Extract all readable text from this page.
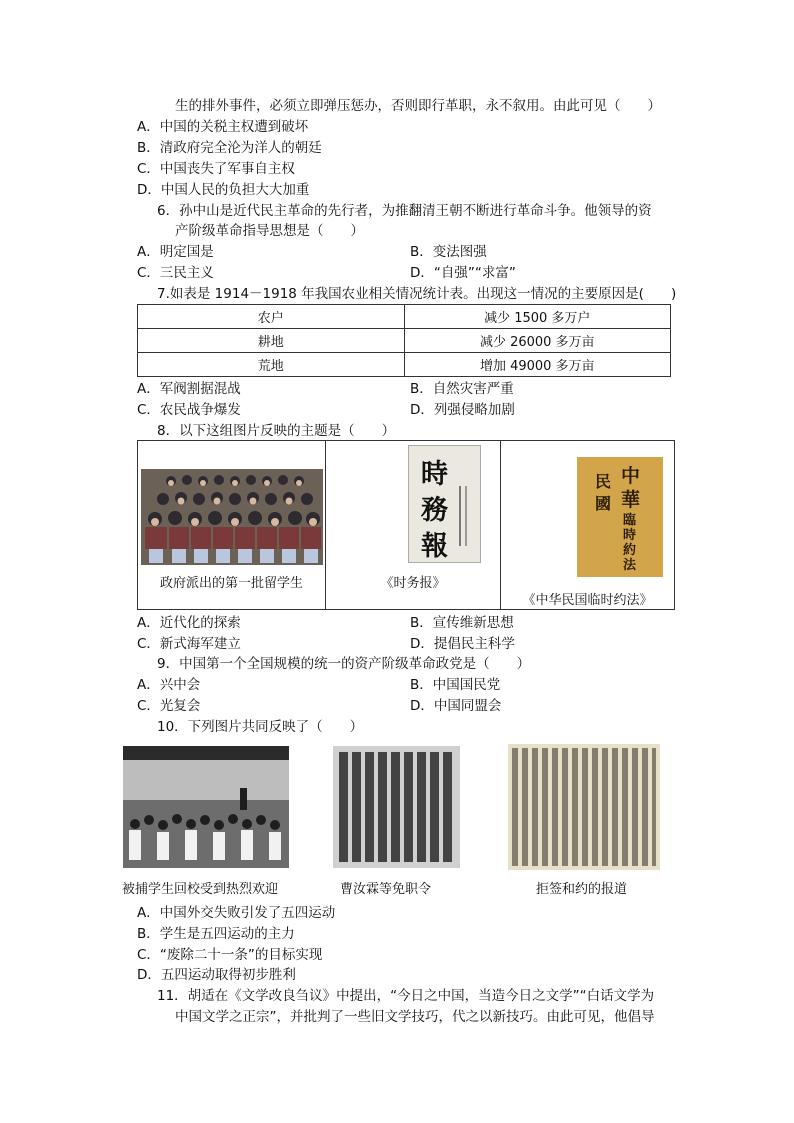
生的排外事件，必须立即弹压惩办，否则即行革职，永不叙用。由此可见（　　）
A．中国的关税主权遭到破坏
B．清政府完全沦为洋人的朝廷
C．中国丧失了军事自主权
D．中国人民的负担大大加重
6．孙中山是近代民主革命的先行者，为推翻清王朝不断进行革命斗争。他领导的资
产阶级革命指导思想是（　　）
A．明定国是	B．变法图强
C．三民主义	D．“自强”“求富”
7.如表是 1914－1918 年我国农业相关情况统计表。出现这一情况的主要原因是(　　)
农户	减少 1500 多万户
耕地	减少 26000 多万亩
荒地	增加 49000 多万亩
A．军阀割据混战	B．自然灾害严重
C．农民战争爆发	D．列强侵略加剧
8．以下这组图片反映的主题是（　　）
政府派出的第一批留学生
時
務
報
《时务报》
中
華
民
國
臨時約法
《中华民国临时约法》
A．近代化的探索	B．宣传维新思想
C．新式海军建立	D．提倡民主科学
9．中国第一个全国规模的统一的资产阶级革命政党是（　　）
A．兴中会	B．中国国民党
C．光复会	D．中国同盟会
10．下列图片共同反映了（　　）
被捕学生回校受到热烈欢迎	曹汝霖等免职令	拒签和约的报道
A．中国外交失败引发了五四运动
B．学生是五四运动的主力
C．“废除二十一条”的目标实现
D．五四运动取得初步胜利
11．胡适在《文学改良刍议》中提出，“今日之中国，当造今日之文学”“白话文学为
中国文学之正宗”，并批判了一些旧文学技巧，代之以新技巧。由此可见，他倡导
